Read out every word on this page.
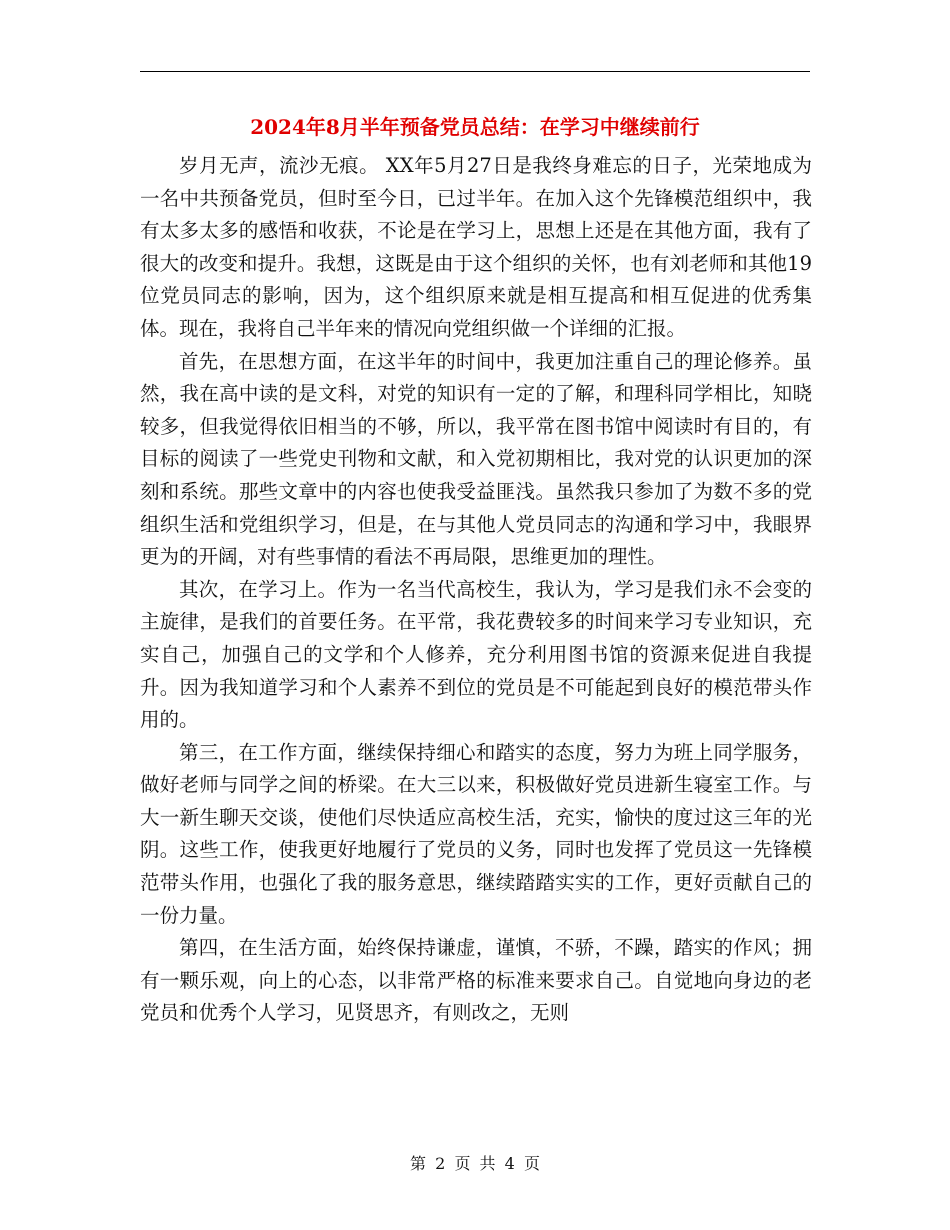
2024年8月半年预备党员总结：在学习中继续前行

岁月无声，流沙无痕。 XX年5月27日是我终身难忘的日子，光荣地成为一名中共预备党员，但时至今日，已过半年。在加入这个先锋模范组织中，我有太多太多的感悟和收获，不论是在学习上，思想上还是在其他方面，我有了很大的改变和提升。我想，这既是由于这个组织的关怀，也有刘老师和其他19位党员同志的影响，因为，这个组织原来就是相互提高和相互促进的优秀集体。现在，我将自己半年来的情况向党组织做一个详细的汇报。

首先，在思想方面，在这半年的时间中，我更加注重自己的理论修养。虽然，我在高中读的是文科，对党的知识有一定的了解，和理科同学相比，知晓较多，但我觉得依旧相当的不够，所以，我平常在图书馆中阅读时有目的，有目标的阅读了一些党史刊物和文献，和入党初期相比，我对党的认识更加的深刻和系统。那些文章中的内容也使我受益匪浅。虽然我只参加了为数不多的党组织生活和党组织学习，但是，在与其他人党员同志的沟通和学习中，我眼界更为的开阔，对有些事情的看法不再局限，思维更加的理性。

其次，在学习上。作为一名当代高校生，我认为，学习是我们永不会变的主旋律，是我们的首要任务。在平常，我花费较多的时间来学习专业知识，充实自己，加强自己的文学和个人修养，充分利用图书馆的资源来促进自我提升。因为我知道学习和个人素养不到位的党员是不可能起到良好的模范带头作用的。

第三，在工作方面，继续保持细心和踏实的态度，努力为班上同学服务，做好老师与同学之间的桥梁。在大三以来，积极做好党员进新生寝室工作。与大一新生聊天交谈，使他们尽快适应高校生活，充实，愉快的度过这三年的光阴。这些工作，使我更好地履行了党员的义务，同时也发挥了党员这一先锋模范带头作用，也强化了我的服务意思，继续踏踏实实的工作，更好贡献自己的一份力量。

第四，在生活方面，始终保持谦虚，谨慎，不骄，不躁，踏实的作风；拥有一颗乐观，向上的心态，以非常严格的标准来要求自己。自觉地向身边的老党员和优秀个人学习，见贤思齐，有则改之，无则

第 2 页 共 4 页
